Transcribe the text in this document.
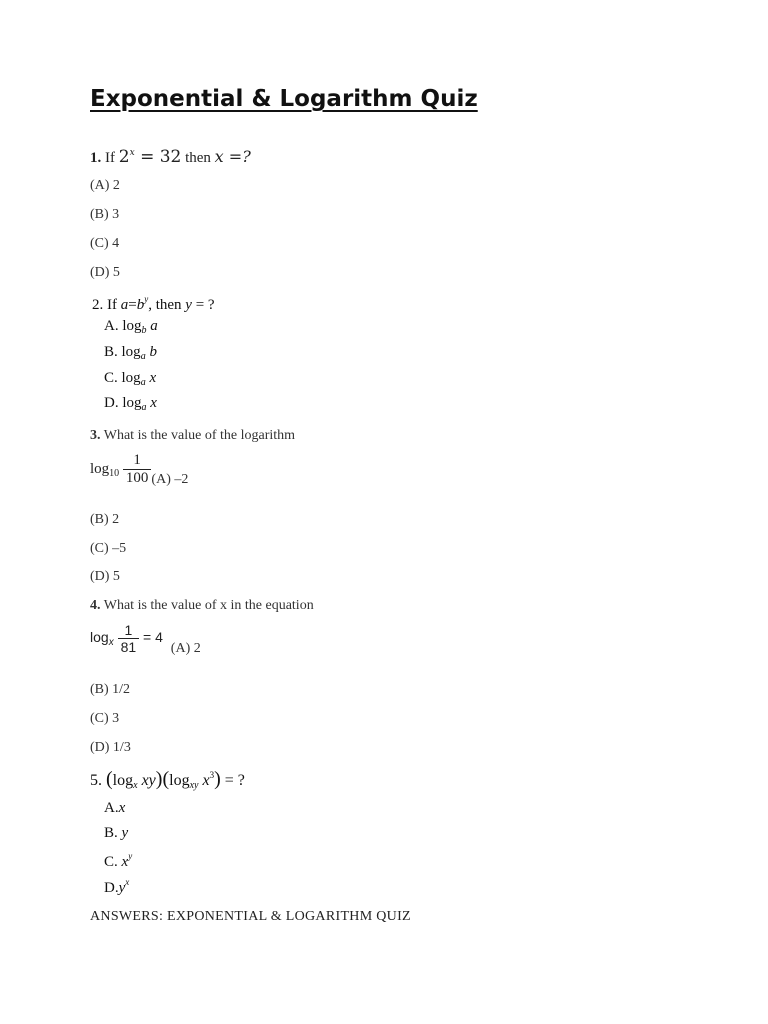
Exponential & Logarithm Quiz
1. If $2^x = 32$ then x =?
(A) 2
(B) 3
(C) 4
(D) 5
2. If $a=b^y$, then y = ?
A. $\log_b a$
B. $\log_a b$
C. $\log_a x$
D. $\log_a x$
3. What is the value of the logarithm
$\log_{10} \frac{1}{100} (A)$ –2
(B) 2
(C) –5
(D) 5
4. What is the value of x in the equation
$\log_x \frac{1}{81} = 4$ (A) 2
(B) 1/2
(C) 3
(D) 1/3
5. ($\log_x$ $xy)(\log_{xy}$ $x^3$) = ?
A.x
B. y
C. $x^y$
$D.y^x$
ANSWERS: EXPONENTIAL & LOGARITHM QUIZ
